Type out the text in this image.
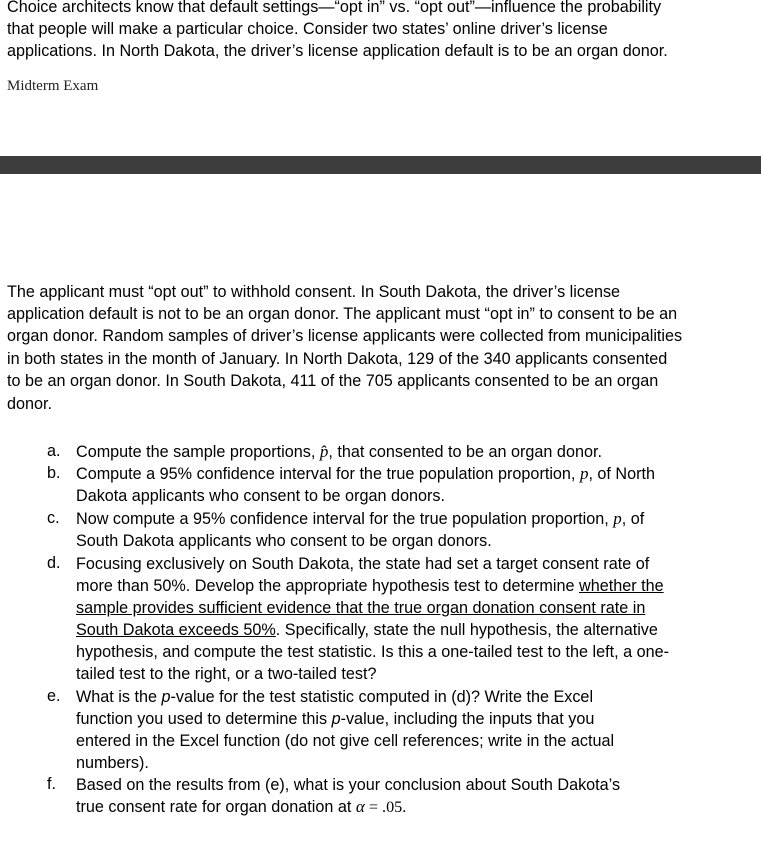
Choice architects know that default settings—“opt in” vs. “opt out”—influence the probability
that people will make a particular choice. Consider two states’ online driver’s license
applications. In North Dakota, the driver’s license application default is to be an organ donor.
Midterm Exam
The applicant must “opt out” to withhold consent. In South Dakota, the driver’s license
application default is not to be an organ donor. The applicant must “opt in” to consent to be an
organ donor. Random samples of driver’s license applicants were collected from municipalities
in both states in the month of January. In North Dakota, 129 of the 340 applicants consented
to be an organ donor. In South Dakota, 411 of the 705 applicants consented to be an organ
donor.
a. Compute the sample proportions, p̂, that consented to be an organ donor.
b. Compute a 95% confidence interval for the true population proportion, p, of North
Dakota applicants who consent to be organ donors.
c.	Now compute a 95% confidence interval for the true population proportion, p, of
South Dakota applicants who consent to be organ donors.
d. Focusing exclusively on South Dakota, the state had set a target consent rate of
more than 50%. Develop the appropriate hypothesis test to determine whether the
sample provides sufficient evidence that the true organ donation consent rate in
South Dakota exceeds 50%. Specifically, state the null hypothesis, the alternative
hypothesis, and compute the test statistic. Is this a one-tailed test to the left, a one-
tailed test to the right, or a two-tailed test?
e. What is the p-value for the test statistic computed in (d)? Write the Excel
function you used to determine this p-value, including the inputs that you
entered in the Excel function (do not give cell references; write in the actual
numbers).
f.	Based on the results from (e), what is your conclusion about South Dakota’s
true consent rate for organ donation at α = .05.
